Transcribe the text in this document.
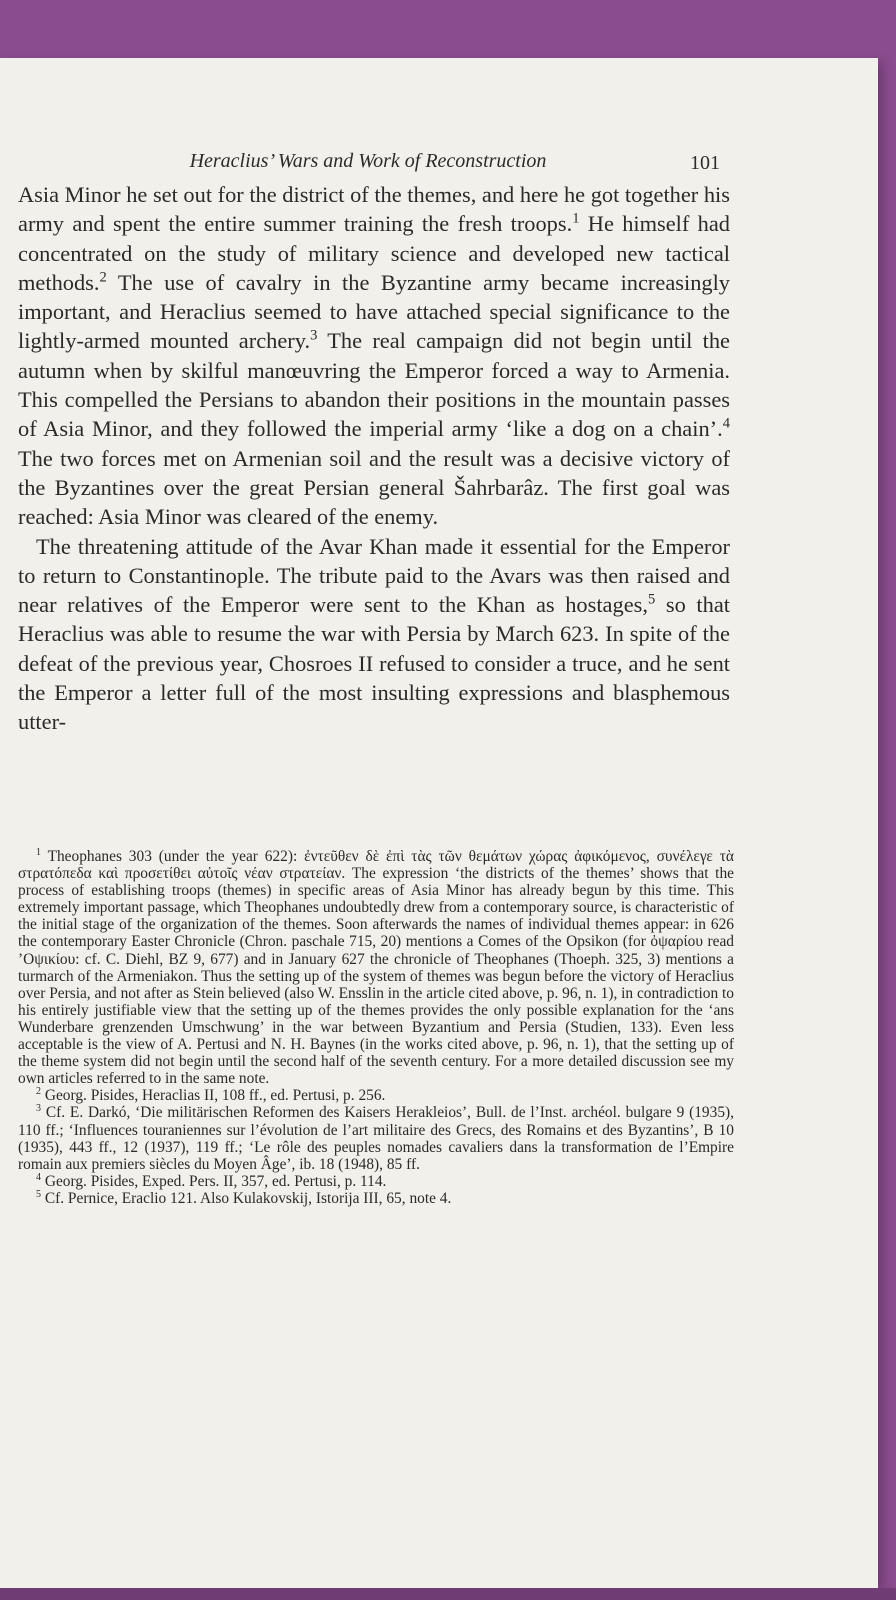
Heraclius’ Wars and Work of Reconstruction	101

Asia Minor he set out for the district of the themes, and here he got together his army and spent the entire summer training the fresh troops.$^1$ He himself had concentrated on the study of military science and developed new tactical methods.$^2$ The use of cavalry in the Byzantine army became increasingly important, and Heraclius seemed to have attached special significance to the lightly-armed mounted archery.$^3$ The real campaign did not begin until the autumn when by skilful manœuvring the Emperor forced a way to Armenia. This compelled the Persians to abandon their positions in the mountain passes of Asia Minor, and they followed the imperial army ‘like a dog on a chain’.$^4$ The two forces met on Armenian soil and the result was a decisive victory of the Byzantines over the great Persian general Šahrbarâz. The first goal was reached: Asia Minor was cleared of the enemy.

The threatening attitude of the Avar Khan made it essential for the Emperor to return to Constantinople. The tribute paid to the Avars was then raised and near relatives of the Emperor were sent to the Khan as hostages,$^5$ so that Heraclius was able to resume the war with Persia by March 623. In spite of the defeat of the previous year, Chosroes II refused to consider a truce, and he sent the Emperor a letter full of the most insulting expressions and blasphemous utter-

$^1$ Theophanes 303 (under the year 622): ἐντεῦθεν δὲ ἐπὶ τὰς τῶν θεμάτων χώρας ἀφικόμενος, συνέλεγε τὰ στρατόπεδα καὶ προσετίθει αὐτοῖς νέαν στρατείαν. The expression ‘the districts of the themes’ shows that the process of establishing troops (themes) in specific areas of Asia Minor has already begun by this time. This extremely important passage, which Theophanes undoubtedly drew from a contemporary source, is characteristic of the initial stage of the organization of the themes. Soon afterwards the names of individual themes appear: in 626 the contemporary Easter Chronicle (Chron. paschale 715, 20) mentions a Comes of the Opsikon (for ὀψαρίου read ’Οψικίου: cf. C. Diehl, BZ 9, 677) and in January 627 the chronicle of Theophanes (Thoeph. 325, 3) mentions a turmarch of the Armeniakon. Thus the setting up of the system of themes was begun before the victory of Heraclius over Persia, and not after as Stein believed (also W. Ensslin in the article cited above, p. 96, n. 1), in contradiction to his entirely justifiable view that the setting up of the themes provides the only possible explanation for the ‘ans Wunderbare grenzenden Umschwung’ in the war between Byzantium and Persia (Studien, 133). Even less acceptable is the view of A. Pertusi and N. H. Baynes (in the works cited above, p. 96, n. 1), that the setting up of the theme system did not begin until the second half of the seventh century. For a more detailed discussion see my own articles referred to in the same note.

$^2$ Georg. Pisides, Heraclias II, 108 ff., ed. Pertusi, p. 256.

$^3$ Cf. E. Darkó, ‘Die militärischen Reformen des Kaisers Herakleios’, Bull. de l’Inst. archéol. bulgare 9 (1935), 110 ff.; ‘Influences touraniennes sur l’évolution de l’art militaire des Grecs, des Romains et des Byzantins’, B 10 (1935), 443 ff., 12 (1937), 119 ff.; ‘Le rôle des peuples nomades cavaliers dans la transformation de l’Empire romain aux premiers siècles du Moyen Âge’, ib. 18 (1948), 85 ff.

$^4$ Georg. Pisides, Exped. Pers. II, 357, ed. Pertusi, p. 114.

$^5$ Cf. Pernice, Eraclio 121. Also Kulakovskij, Istorija III, 65, note 4.
